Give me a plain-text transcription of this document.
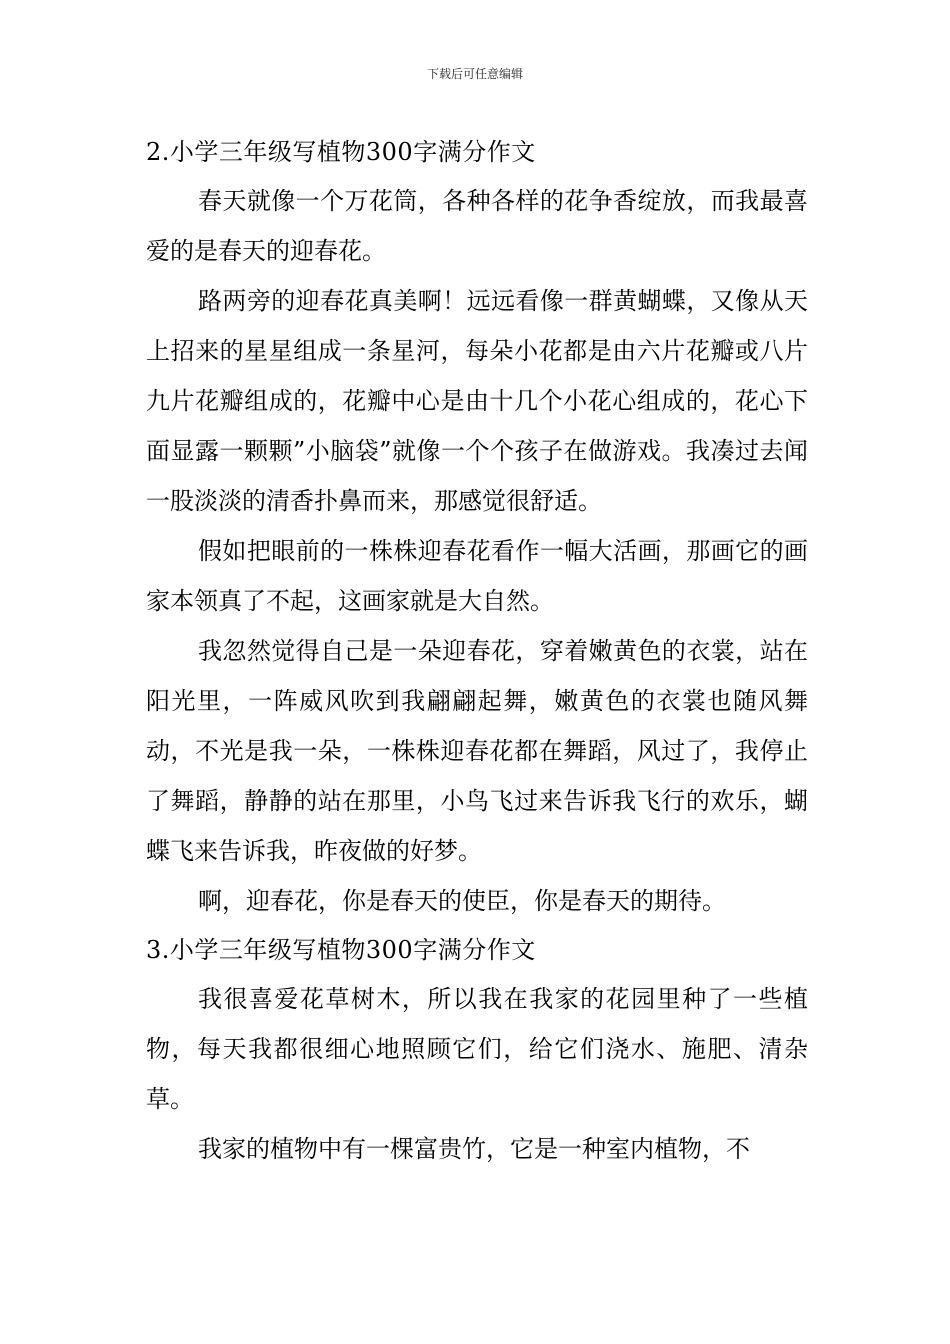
下载后可任意编辑
2.小学三年级写植物300字满分作文

春天就像一个万花筒，各种各样的花争香绽放，而我最喜爱的是春天的迎春花。

路两旁的迎春花真美啊！远远看像一群黄蝴蝶，又像从天上招来的星星组成一条星河，每朵小花都是由六片花瓣或八片九片花瓣组成的，花瓣中心是由十几个小花心组成的，花心下面显露一颗颗”小脑袋”就像一个个孩子在做游戏。我凑过去闻一股淡淡的清香扑鼻而来，那感觉很舒适。

假如把眼前的一株株迎春花看作一幅大活画，那画它的画家本领真了不起，这画家就是大自然。

我忽然觉得自己是一朵迎春花，穿着嫩黄色的衣裳，站在阳光里，一阵威风吹到我翩翩起舞，嫩黄色的衣裳也随风舞动，不光是我一朵，一株株迎春花都在舞蹈，风过了，我停止了舞蹈，静静的站在那里，小鸟飞过来告诉我飞行的欢乐，蝴蝶飞来告诉我，昨夜做的好梦。

啊，迎春花，你是春天的使臣，你是春天的期待。

3.小学三年级写植物300字满分作文

我很喜爱花草树木，所以我在我家的花园里种了一些植物，每天我都很细心地照顾它们，给它们浇水、施肥、清杂草。

我家的植物中有一棵富贵竹，它是一种室内植物，不
